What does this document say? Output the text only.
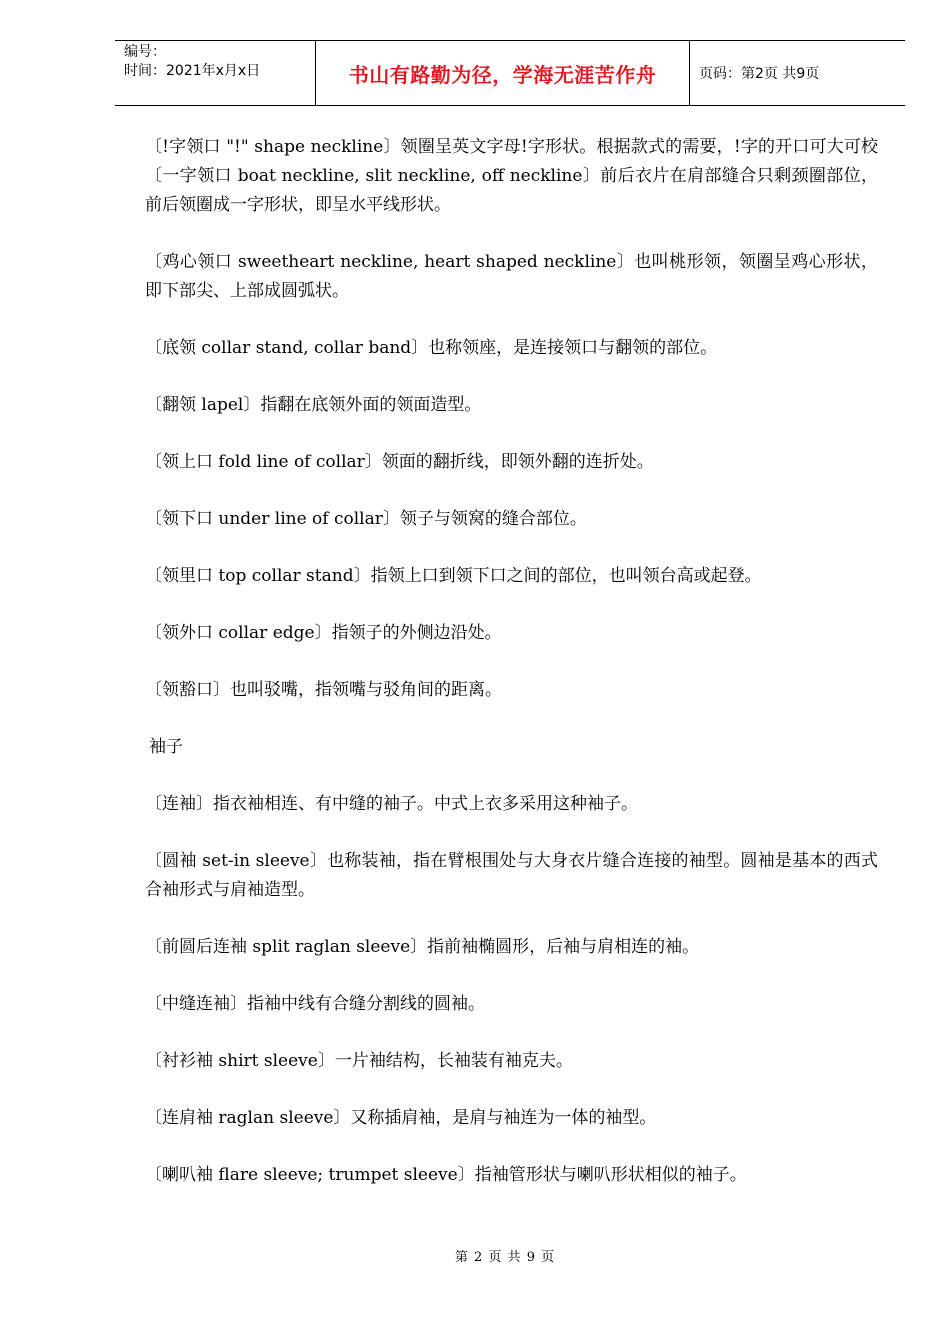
编号：
时间：2021年x月x日	书山有路勤为径，学海无涯苦作舟	页码：第2页 共9页

〔!字领口 "!" shape neckline〕领圈呈英文字母!字形状。根据款式的需要，!字的开口可大可校〔一字领口 boat neckline, slit neckline, off neckline〕前后衣片在肩部缝合只剩颈圈部位，前后领圈成一字形状，即呈水平线形状。

〔鸡心领口 sweetheart neckline, heart shaped neckline〕也叫桃形领，领圈呈鸡心形状，即下部尖、上部成圆弧状。

〔底领 collar stand, collar band〕也称领座，是连接领口与翻领的部位。

〔翻领 lapel〕指翻在底领外面的领面造型。

〔领上口 fold line of collar〕领面的翻折线，即领外翻的连折处。

〔领下口 under line of collar〕领子与领窝的缝合部位。

〔领里口 top collar stand〕指领上口到领下口之间的部位，也叫领台高或起登。

〔领外口 collar edge〕指领子的外侧边沿处。

〔领豁口〕也叫驳嘴，指领嘴与驳角间的距离。

袖子

〔连袖〕指衣袖相连、有中缝的袖子。中式上衣多采用这种袖子。

〔圆袖 set-in sleeve〕也称装袖，指在臂根围处与大身衣片缝合连接的袖型。圆袖是基本的西式合袖形式与肩袖造型。

〔前圆后连袖 split raglan sleeve〕指前袖椭圆形，后袖与肩相连的袖。

〔中缝连袖〕指袖中线有合缝分割线的圆袖。

〔衬衫袖 shirt sleeve〕一片袖结构，长袖装有袖克夫。

〔连肩袖 raglan sleeve〕又称插肩袖，是肩与袖连为一体的袖型。

〔喇叭袖 flare sleeve; trumpet sleeve〕指袖管形状与喇叭形状相似的袖子。

第 2 页 共 9 页
